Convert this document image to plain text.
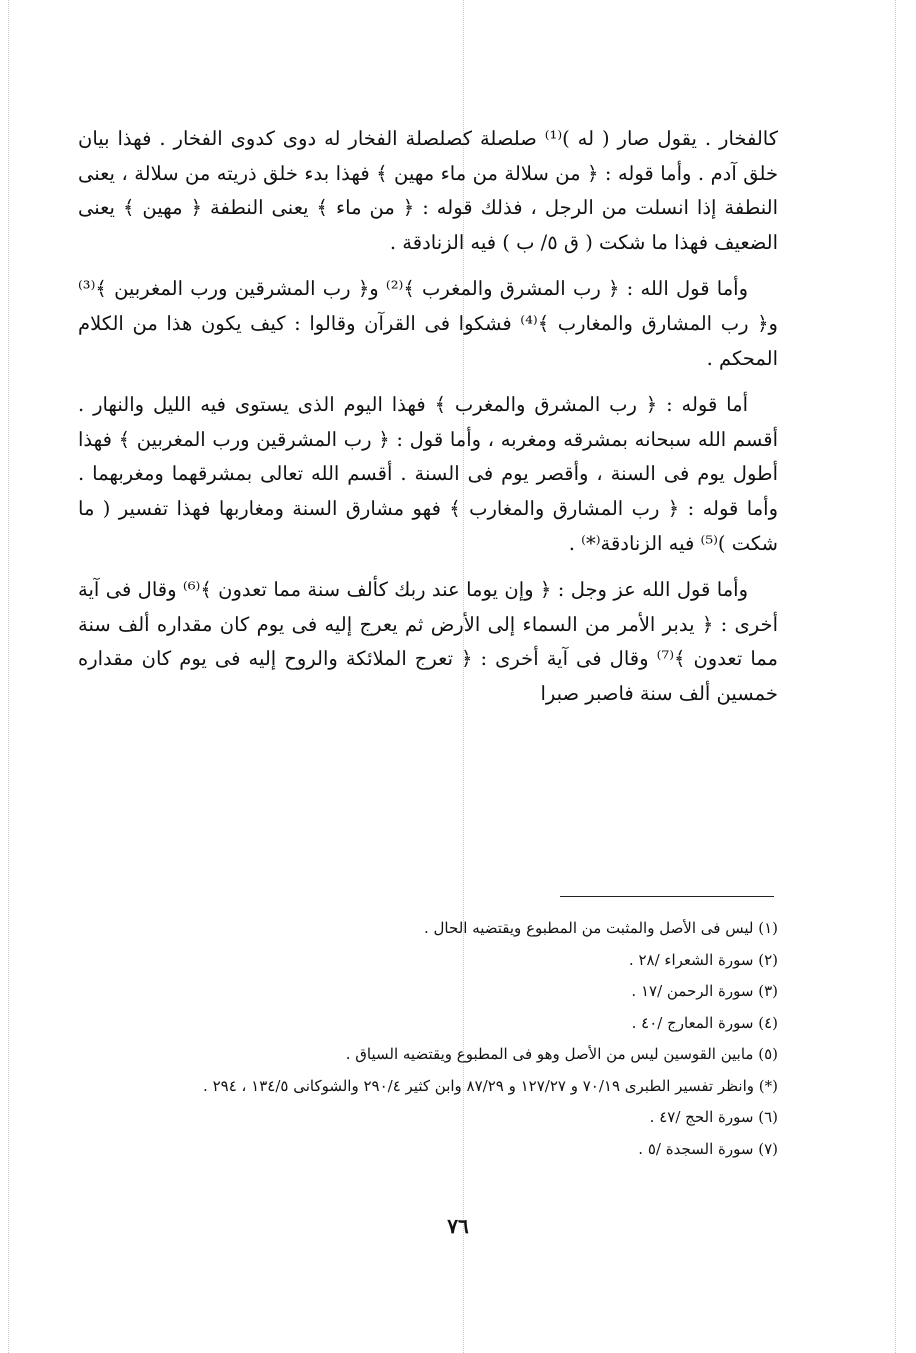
كالفخار . يقول صار ( له )⁽¹⁾ صلصلة كصلصلة الفخار له دوى كدوى الفخار . فهذا بيان خلق آدم . وأما قوله : ﴿ من سلالة من ماء مهين ﴾ فهذا بدء خلق ذريته من سلالة ، يعنى النطفة إذا انسلت من الرجل ، فذلك قوله : ﴿ من ماء ﴾ يعنى النطفة ﴿ مهين ﴾ يعنى الضعيف فهذا ما شكت ( ق ٥/ ب ) فيه الزنادقة .

وأما قول الله : ﴿ رب المشرق والمغرب ﴾⁽²⁾ و﴿ رب المشرقين ورب المغربين ﴾⁽³⁾ و﴿ رب المشارق والمغارب ﴾⁽⁴⁾ فشكوا فى القرآن وقالوا : كيف يكون هذا من الكلام المحكم .

أما قوله : ﴿ رب المشرق والمغرب ﴾ فهذا اليوم الذى يستوى فيه الليل والنهار . أقسم الله سبحانه بمشرقه ومغربه ، وأما قول : ﴿ رب المشرقين ورب المغربين ﴾ فهذا أطول يوم فى السنة ، وأقصر يوم فى السنة . أقسم الله تعالى بمشرقهما ومغربهما . وأما قوله : ﴿ رب المشارق والمغارب ﴾ فهو مشارق السنة ومغاربها فهذا تفسير ( ما شكت )⁽⁵⁾ فيه الزنادقة⁽*⁾ .

وأما قول الله عز وجل : ﴿ وإن يوما عند ربك كألف سنة مما تعدون ﴾⁽⁶⁾ وقال فى آية أخرى : ﴿ يدبر الأمر من السماء إلى الأرض ثم يعرج إليه فى يوم كان مقداره ألف سنة مما تعدون ﴾⁽⁷⁾ وقال فى آية أخرى : ﴿ تعرج الملائكة والروح إليه فى يوم كان مقداره خمسين ألف سنة فاصبر صبرا

(١) ليس فى الأصل والمثبت من المطبوع ويقتضيه الحال .
(٢) سورة الشعراء /٢٨ .
(٣) سورة الرحمن /١٧ .
(٤) سورة المعارج /٤٠ .
(٥) مابين القوسين ليس من الأصل وهو فى المطبوع ويقتضيه السياق .
(*) وانظر تفسير الطبرى ٧٠/١٩ و ١٢٧/٢٧ و ٨٧/٢٩ وابن كثير ٢٩٠/٤ والشوكانى ١٣٤/٥ ، ٢٩٤ .
(٦) سورة الحج /٤٧ .
(٧) سورة السجدة /٥ .
٧٦
